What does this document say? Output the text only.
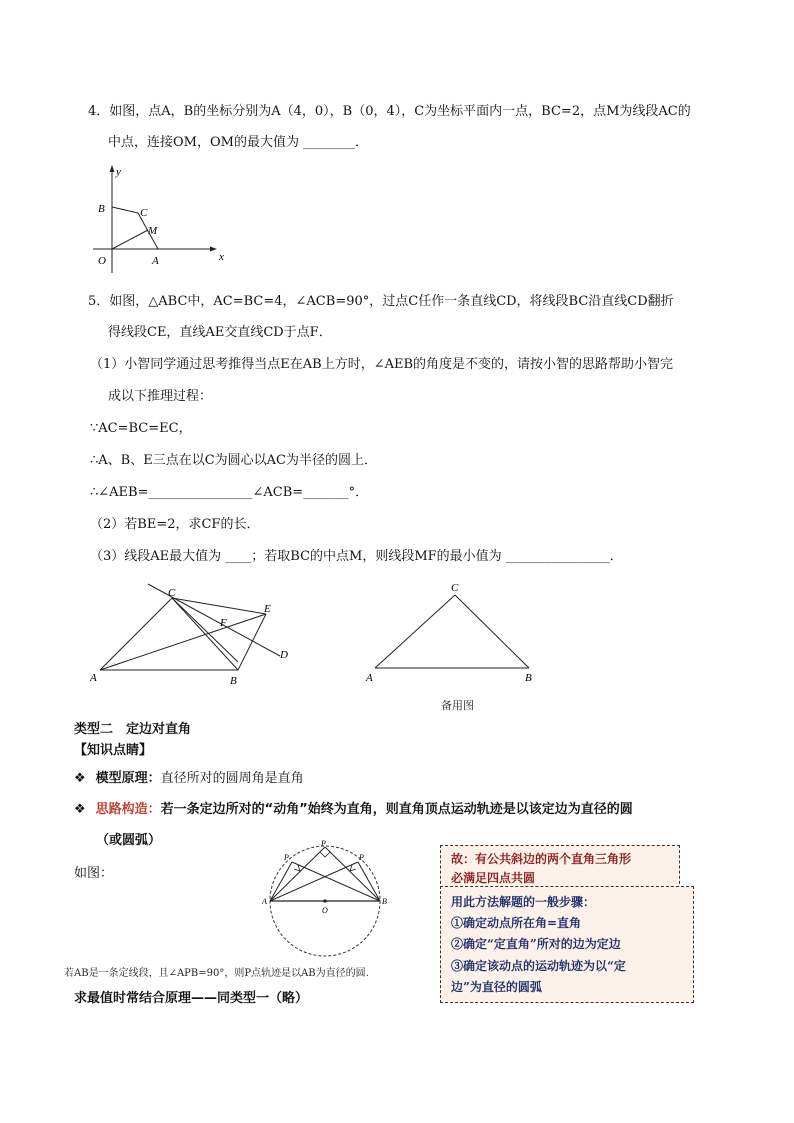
4．如图，点A，B的坐标分别为A（4，0），B（0，4），C为坐标平面内一点，BC=2，点M为线段AC的
中点，连接OM，OM的最大值为 ________．
y
x
B	C
M
O	A
5．如图，△ABC中，AC=BC=4，∠ACB=90°，过点C任作一条直线CD，将线段BC沿直线CD翻折
得线段CE，直线AE交直线CD于点F．
（1）小智同学通过思考推得当点E在AB上方时，∠AEB的角度是不变的，请按小智的思路帮助小智完
成以下推理过程：
∵AC=BC=EC，
∴A、B、E三点在以C为圆心以AC为半径的圆上．
∴∠AEB=________________∠ACB=_______°．
（2）若BE=2，求CF的长．
（3）线段AE最大值为 ____；若取BC的中点M，则线段MF的最小值为 ________________．
C
E
F
D
A	B
C
A	B
备用图
类型二　定边对直角
【知识点睛】
❖ 模型原理：直径所对的圆周角是直角
❖ 思路构造：若一条定边所对的“动角”始终为直角，则直角顶点运动轨迹是以该定边为直径的圆
（或圆弧）
如图：
P
P
P
A
O
B
若AB是一条定线段，且∠APB=90°，则P点轨迹是以AB为直径的圆.
求最值时常结合原理——同类型一（略）
故：有公共斜边的两个直角三角形
必满足四点共圆
用此方法解题的一般步骤：
①确定动点所在角=直角
②确定“定直角”所对的边为定边
③确定该动点的运动轨迹为以“定
边”为直径的圆弧
